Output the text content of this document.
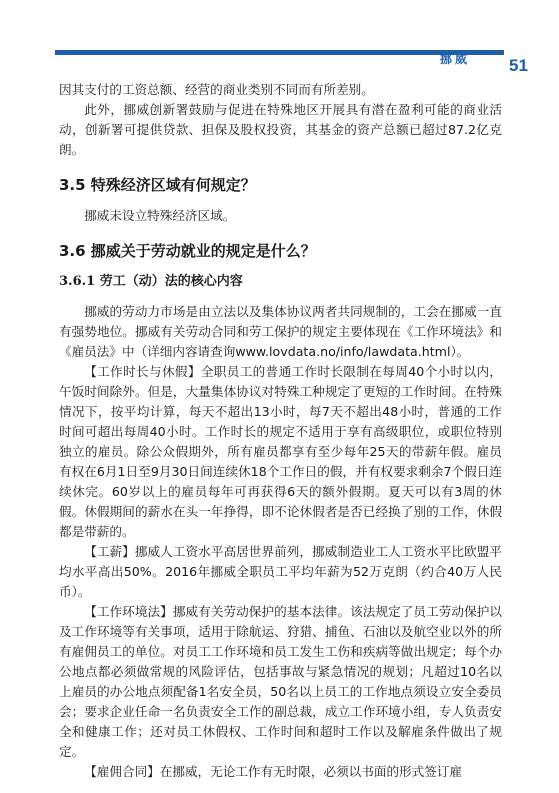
挪威 51

因其支付的工资总额、经营的商业类别不同而有所差别。

此外，挪威创新署鼓励与促进在特殊地区开展具有潜在盈利可能的商业活动，创新署可提供贷款、担保及股权投资，其基金的资产总额已超过87.2亿克朗。

3.5 特殊经济区域有何规定？

挪威未设立特殊经济区域。

3.6 挪威关于劳动就业的规定是什么？
3.6.1 劳工（动）法的核心内容

挪威的劳动力市场是由立法以及集体协议两者共同规制的，工会在挪威一直有强势地位。挪威有关劳动合同和劳工保护的规定主要体现在《工作环境法》和《雇员法》中（详细内容请查询www.lovdata.no/info/lawdata.html）。

【工作时长与休假】全职员工的普通工作时长限制在每周40个小时以内，午饭时间除外。但是，大量集体协议对特殊工种规定了更短的工作时间。在特殊情况下，按平均计算，每天不超出13小时，每7天不超出48小时，普通的工作时间可超出每周40小时。工作时长的规定不适用于享有高级职位，或职位特别独立的雇员。除公众假期外，所有雇员都享有至少每年25天的带薪年假。雇员有权在6月1日至9月30日间连续休18个工作日的假，并有权要求剩余7个假日连续休完。60岁以上的雇员每年可再获得6天的额外假期。夏天可以有3周的休假。休假期间的薪水在头一年挣得，即不论休假者是否已经换了别的工作，休假都是带薪的。

【工薪】挪威人工资水平高居世界前列，挪威制造业工人工资水平比欧盟平均水平高出50%。2016年挪威全职员工平均年薪为52万克朗（约合40万人民币）。

【工作环境法】挪威有关劳动保护的基本法律。该法规定了员工劳动保护以及工作环境等有关事项，适用于除航运、狩猎、捕鱼、石油以及航空业以外的所有雇佣员工的单位。对员工工作环境和员工发生工伤和疾病等做出规定；每个办公地点都必须做常规的风险评估，包括事故与紧急情况的规划；凡超过10名以上雇员的办公地点须配备1名安全员，50名以上员工的工作地点须设立安全委员会；要求企业任命一名负责安全工作的副总裁，成立工作环境小组，专人负责安全和健康工作；还对员工休假权、工作时间和超时工作以及解雇条件做出了规定。

【雇佣合同】在挪威，无论工作有无时限，必须以书面的形式签订雇
